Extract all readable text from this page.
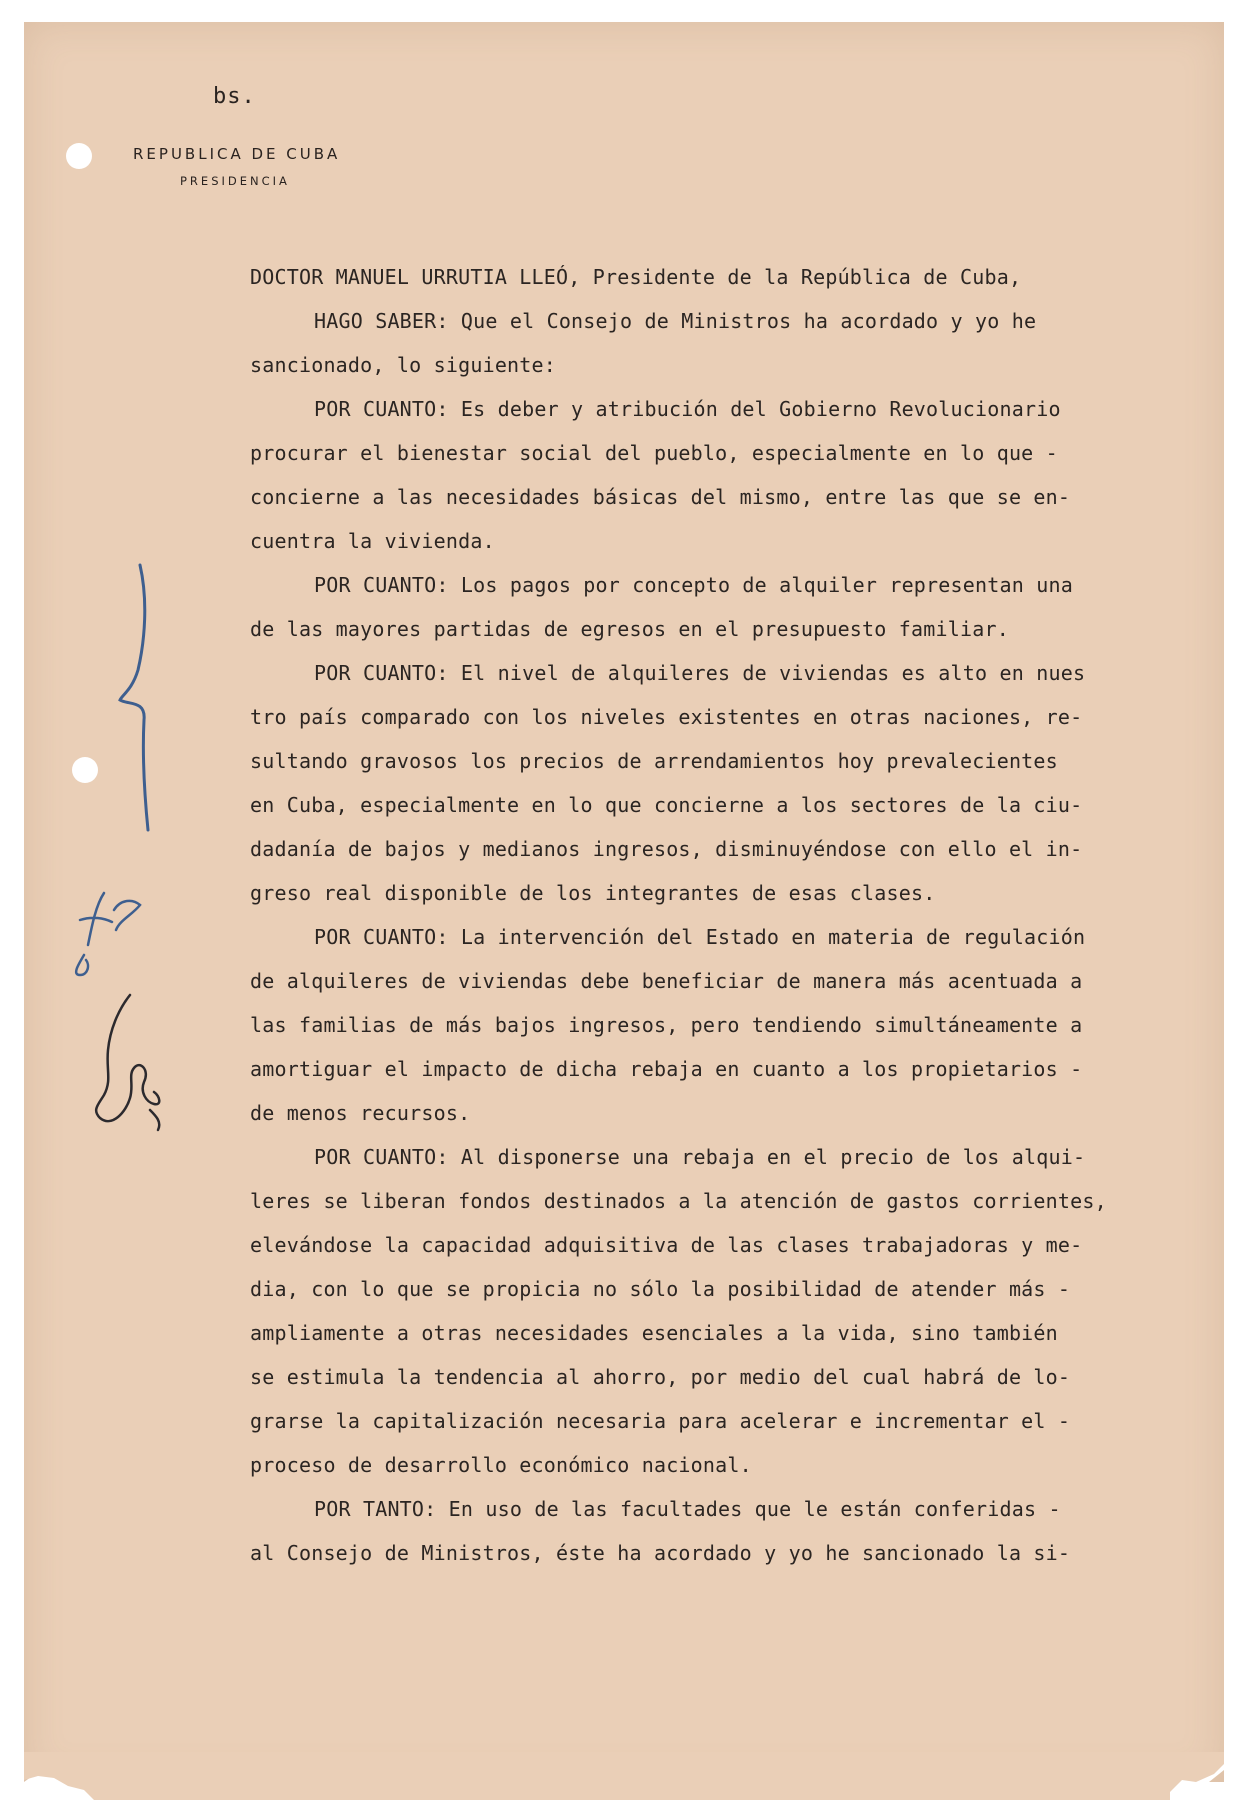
bs.
REPUBLICA DE CUBA
PRESIDENCIA
DOCTOR MANUEL URRUTIA LLEÓ, Presidente de la República de Cuba,
HAGO SABER: Que el Consejo de Ministros ha acordado y yo he
sancionado, lo siguiente:
POR CUANTO: Es deber y atribución del Gobierno Revolucionario
procurar el bienestar social del pueblo, especialmente en lo que -
concierne a las necesidades básicas del mismo, entre las que se en-
cuentra la vivienda.
POR CUANTO: Los pagos por concepto de alquiler representan una
de las mayores partidas de egresos en el presupuesto familiar.
POR CUANTO: El nivel de alquileres de viviendas es alto en nues
tro país comparado con los niveles existentes en otras naciones, re-
sultando gravosos los precios de arrendamientos hoy prevalecientes
en Cuba, especialmente en lo que concierne a los sectores de la ciu-
dadanía de bajos y medianos ingresos, disminuyéndose con ello el in-
greso real disponible de los integrantes de esas clases.
POR CUANTO: La intervención del Estado en materia de regulación
de alquileres de viviendas debe beneficiar de manera más acentuada a
las familias de más bajos ingresos, pero tendiendo simultáneamente a
amortiguar el impacto de dicha rebaja en cuanto a los propietarios -
de menos recursos.
POR CUANTO: Al disponerse una rebaja en el precio de los alqui-
leres se liberan fondos destinados a la atención de gastos corrientes,
elevándose la capacidad adquisitiva de las clases trabajadoras y me-
dia, con lo que se propicia no sólo la posibilidad de atender más -
ampliamente a otras necesidades esenciales a la vida, sino también
se estimula la tendencia al ahorro, por medio del cual habrá de lo-
grarse la capitalización necesaria para acelerar e incrementar el -
proceso de desarrollo económico nacional.
POR TANTO: En uso de las facultades que le están conferidas -
al Consejo de Ministros, éste ha acordado y yo he sancionado la si-
